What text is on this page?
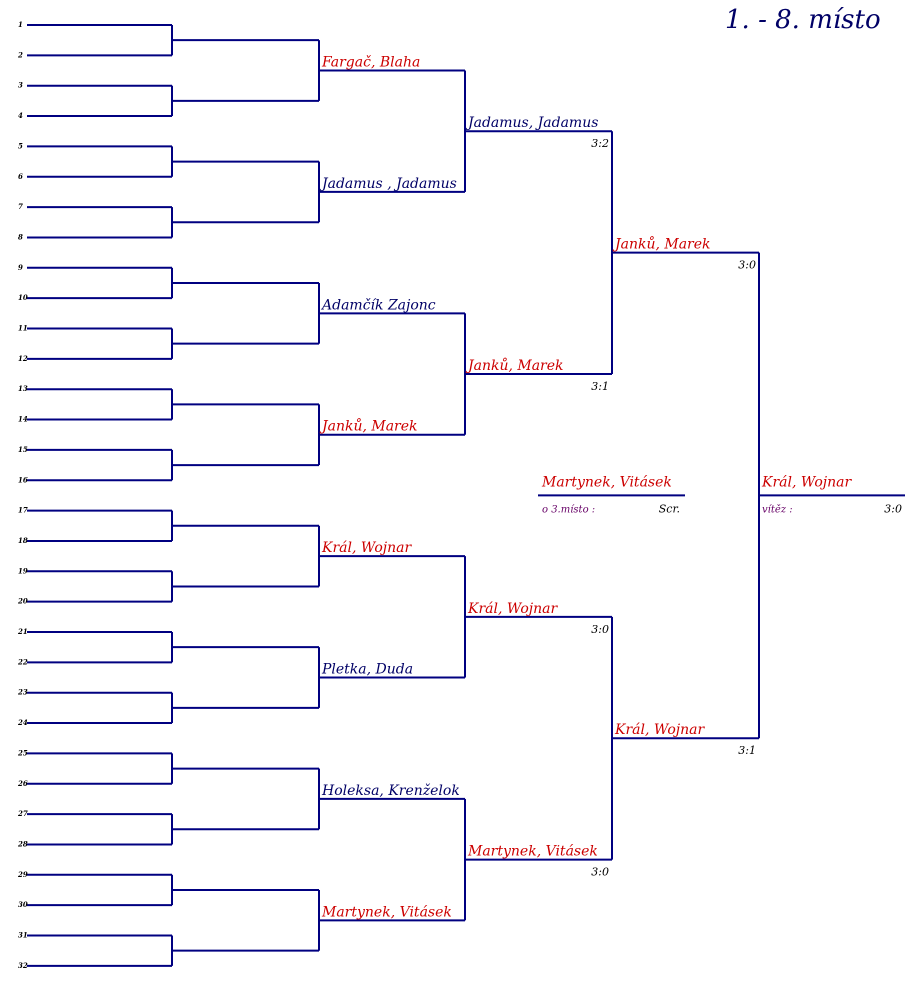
1
2
3
4
5
6
7
8
9
10
11
12
13
14
15
16
17
18
19
20
21
22
23
24
25
26
27
28
29
30
31
32
Fargač, Blaha
Jadamus , Jadamus
Adamčík Zajonc
Janků, Marek
Král, Wojnar
Pletka, Duda
Holeksa, Krenželok
Martynek, Vitásek
Jadamus, Jadamus
3:2
Janků, Marek
3:1
Král, Wojnar
3:0
Martynek, Vitásek
3:0
Janků, Marek
3:0
Král, Wojnar
3:1
Král, Wojnar
vítěz :	3:0
Martynek, Vitásek
o 3.místo :	Scr.
1. - 8. místo
